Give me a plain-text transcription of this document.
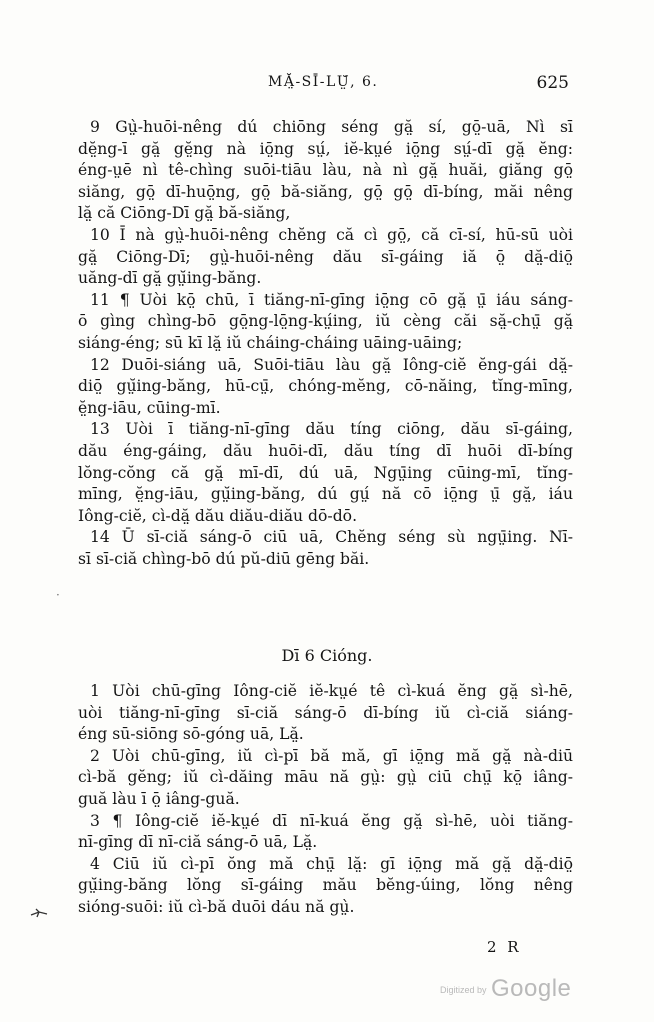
MĂ̤-SĪ-LṲ̆, 6.	625
9 Gṳ̀-huōi-nêng dú chiōng séng gă̤ sí, gō̤-uā, Nì sī
dĕ̤ng-ī gă̤ gĕ̤ng nà iō̤ng sṳ́, iĕ-kṳé iō̤ng sṳ́-dī gă̤ ĕng:
éng-ṳē nì tê-chìng suōi-tiāu làu, nà nì gă̤ huăi, giăng gō̤
siăng, gō̤ dī-huō̤ng, gō̤ bă-siăng, gō̤ gō̤ dī-bíng, măi nêng
lă̤ că Ciōng-Dī gă̤ bă-siăng,
10 Ī nà gṳ̀-huōi-nêng chĕng că cì gō̤, că cī-sí, hū-sū uòi
gă̤ Ciōng-Dī; gṳ̀-huōi-nêng dău sī-gáing iă ō̤ dă̤-diō̤
uăng-dī gă̤ gṳ̆ing-băng.
11 ¶ Uòi kō̤ chū, ī tiăng-nī-gīng iō̤ng cō gă̤ ṳ̄ iáu sáng-
ō gìng chìng-bō gō̤ng-lō̤ng-kṳ́ing, iŭ cèng căi să̤-chṳ̄ gă̤
siáng-éng; sū kī lă̤ iŭ cháing-cháing uāing-uāing;
12 Duōi-siáng uā, Suōi-tiāu làu gă̤ Iông-ciĕ ĕng-gái dă̤-
diō̤ gṳ̆ing-băng, hū-cṳ̄, chóng-mĕng, cō-năing, tĭng-mīng,
ĕ̤ng-iāu, cūing-mī.
13 Uòi ī tiăng-nī-gīng dău tíng ciōng, dău sī-gáing,
dău éng-gáing, dău huōi-dī, dău tíng dī huōi dī-bíng
lŏng-cŏng că gă̤ mī-dī, dú uā, Ngṳ̄ing cūing-mī, tĭng-
mīng, ĕ̤ng-iāu, gṳ̆ing-băng, dú gṳ́ nă cō iō̤ng ṳ̄ gă̤, iáu
Iông-ciĕ, cì-dă̤ dău diău-diău dō-dō.
14 Ū sī-ciă sáng-ō ciū uā, Chĕng séng sù ngṳ̄ing. Nī-
sī sī-ciă chìng-bō dú pŭ-diū gēng băi.
Dī 6 Cióng.
1 Uòi chū-gīng Iông-ciĕ iĕ-kṳé tê cì-kuá ĕng gă̤ sì-hē,
uòi tiăng-nī-gīng sī-ciă sáng-ō dī-bíng iŭ cì-ciă siáng-
éng sū-siōng sō-góng uā, Lă̤.
2 Uòi chū-gīng, iŭ cì-pī bă mă, gī iō̤ng mă gă̤ nà-diū
cì-bă gĕng; iŭ cì-dăing māu nă gṳ̀: gṳ̀ ciū chṳ̄ kō̤ iâng-
guă làu ī ō̤ iâng-guă.
3 ¶ Iông-ciĕ iĕ-kṳé dī nī-kuá ĕng gă̤ sì-hē, uòi tiăng-
nī-gīng dī nī-ciă sáng-ō uā, Lă̤.
4 Ciū iŭ cì-pī ŏng mă chṳ̄ lă̤: gī iō̤ng mă gă̤ dă̤-diō̤
gṳ̆ing-băng lŏng sī-gáing mău bĕng-úing, lŏng nêng
sióng-suōi: iŭ cì-bă duōi dáu nă gṳ̀.
2 R
·
Digitized by Google
